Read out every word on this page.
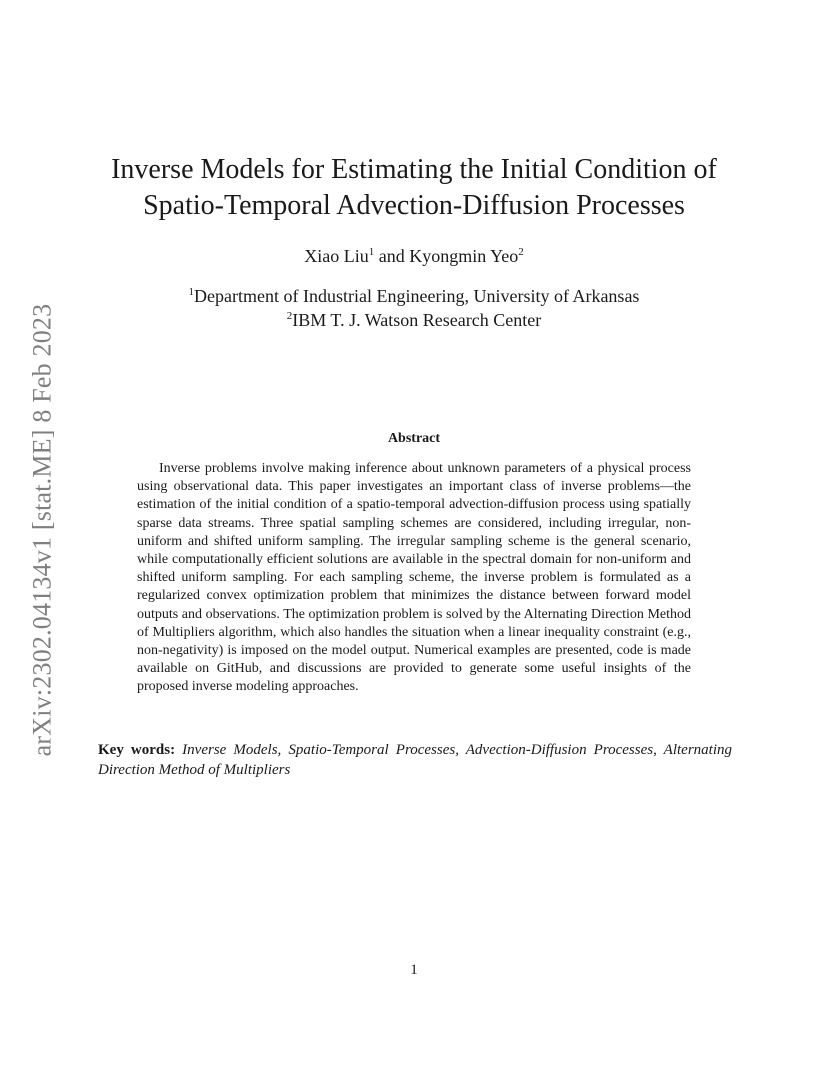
arXiv:2302.04134v1 [stat.ME] 8 Feb 2023
Inverse Models for Estimating the Initial Condition of
Spatio-Temporal Advection-Diffusion Processes
Xiao Liu$^1$ and Kyongmin Yeo$^2$
$^1$Department of Industrial Engineering, University of Arkansas
$^2$IBM T. J. Watson Research Center
Abstract

Inverse problems involve making inference about unknown parameters of a physical process using observational data. This paper investigates an important class of inverse problems—the estimation of the initial condition of a spatio-temporal advection-diffusion process using spatially sparse data streams. Three spatial sampling schemes are considered, including irregular, non-uniform and shifted uniform sampling. The irregular sampling scheme is the general scenario, while computationally efficient solutions are available in the spectral domain for non-uniform and shifted uniform sampling. For each sampling scheme, the inverse problem is formulated as a regularized convex optimization problem that minimizes the distance between forward model outputs and observations. The optimization problem is solved by the Alternating Direction Method of Multipliers algorithm, which also handles the situation when a linear inequality constraint (e.g., non-negativity) is imposed on the model output. Numerical examples are presented, code is made available on GitHub, and discussions are provided to generate some useful insights of the proposed inverse modeling approaches.

Key words: Inverse Models, Spatio-Temporal Processes, Advection-Diffusion Processes, Alternating Direction Method of Multipliers

1
